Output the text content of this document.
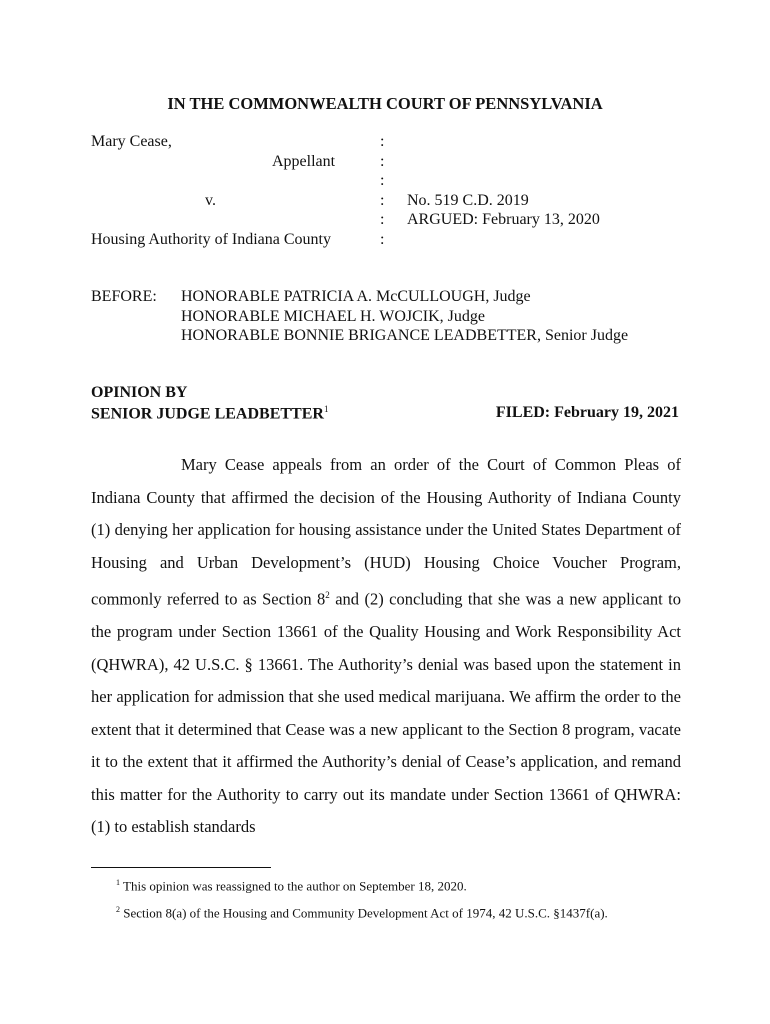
IN THE COMMONWEALTH COURT OF PENNSYLVANIA
Mary Cease,
Appellant
v.
Housing Authority of Indiana County
:
:
:
:
:
:
No. 519 C.D. 2019
ARGUED: February 13, 2020
BEFORE: HONORABLE PATRICIA A. McCULLOUGH, Judge
HONORABLE MICHAEL H. WOJCIK, Judge
HONORABLE BONNIE BRIGANCE LEADBETTER, Senior Judge
OPINION BY
SENIOR JUDGE LEADBETTER$^1$	FILED: February 19, 2021

Mary Cease appeals from an order of the Court of Common Pleas of Indiana County that affirmed the decision of the Housing Authority of Indiana County (1) denying her application for housing assistance under the United States Department of Housing and Urban Development’s (HUD) Housing Choice Voucher Program, commonly referred to as Section 8$^2$ and (2) concluding that she was a new applicant to the program under Section 13661 of the Quality Housing and Work Responsibility Act (QHWRA), 42 U.S.C. § 13661. The Authority’s denial was based upon the statement in her application for admission that she used medical marijuana. We affirm the order to the extent that it determined that Cease was a new applicant to the Section 8 program, vacate it to the extent that it affirmed the Authority’s denial of Cease’s application, and remand this matter for the Authority to carry out its mandate under Section 13661 of QHWRA: (1) to establish standards

$^1$ This opinion was reassigned to the author on September 18, 2020.
$^2$ Section 8(a) of the Housing and Community Development Act of 1974, 42 U.S.C. §1437f(a).
